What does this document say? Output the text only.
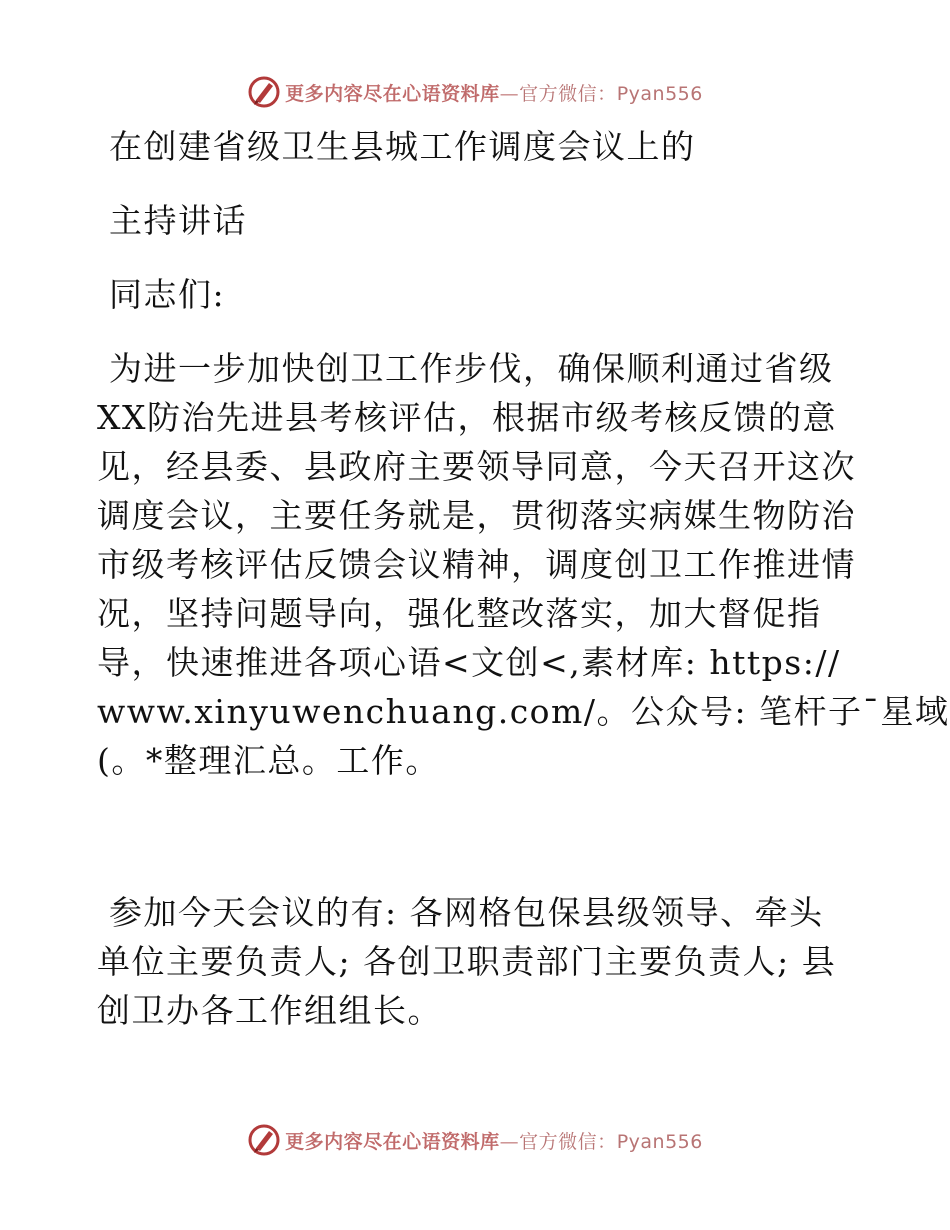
更多内容尽在心语资料库—官方微信：Pyan556
在创建省级卫生县城工作调度会议上的
主持讲话
同志们:
为进一步加快创卫工作步伐，确保顺利通过省级
XX防治先进县考核评估，根据市级考核反馈的意
见，经县委、县政府主要领导同意，今天召开这次
调度会议，主要任务就是，贯彻落实病媒生物防治
市级考核评估反馈会议精神，调度创卫工作推进情
况，坚持问题导向，强化整改落实，加大督促指
导，快速推进各项心语<文创<,素材库: https://
www.xinyuwenchuang.com/。公众号: 笔杆子¯星域
(。*整理汇总。工作。
参加今天会议的有: 各网格包保县级领导、牵头
单位主要负责人; 各创卫职责部门主要负责人; 县
创卫办各工作组组长。
更多内容尽在心语资料库—官方微信：Pyan556
